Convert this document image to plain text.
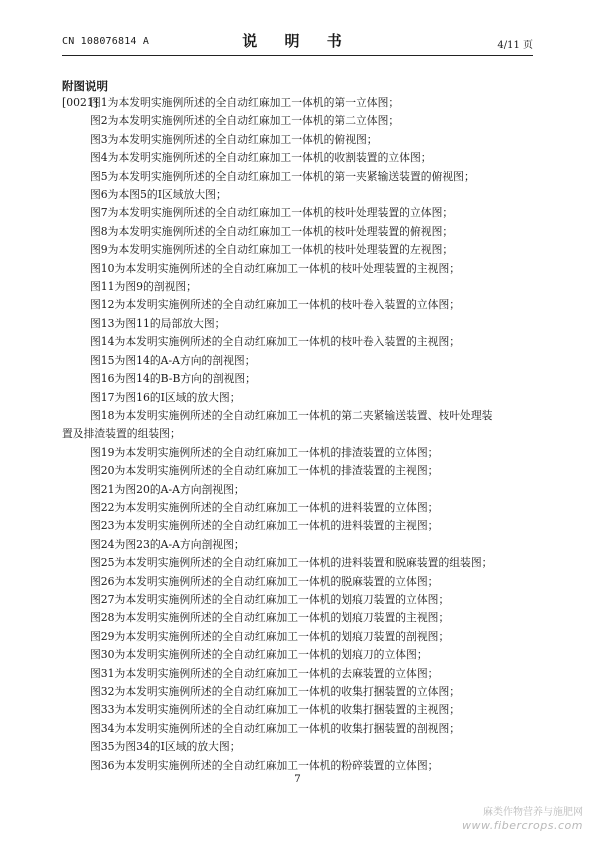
CN 108076814 A	说 明 书	4/11 页
附图说明
[0021]图1为本发明实施例所述的全自动红麻加工一体机的第一立体图；
图2为本发明实施例所述的全自动红麻加工一体机的第二立体图；
图3为本发明实施例所述的全自动红麻加工一体机的俯视图；
图4为本发明实施例所述的全自动红麻加工一体机的收割装置的立体图；
图5为本发明实施例所述的全自动红麻加工一体机的第一夹紧输送装置的俯视图；
图6为本图5的I区域放大图；
图7为本发明实施例所述的全自动红麻加工一体机的枝叶处理装置的立体图；
图8为本发明实施例所述的全自动红麻加工一体机的枝叶处理装置的俯视图；
图9为本发明实施例所述的全自动红麻加工一体机的枝叶处理装置的左视图；
图10为本发明实施例所述的全自动红麻加工一体机的枝叶处理装置的主视图；
图11为图9的剖视图；
图12为本发明实施例所述的全自动红麻加工一体机的枝叶卷入装置的立体图；
图13为图11的局部放大图；
图14为本发明实施例所述的全自动红麻加工一体机的枝叶卷入装置的主视图；
图15为图14的A-A方向的剖视图；
图16为图14的B-B方向的剖视图；
图17为图16的I区域的放大图；
图18为本发明实施例所述的全自动红麻加工一体机的第二夹紧输送装置、枝叶处理装
置及排渣装置的组装图；
图19为本发明实施例所述的全自动红麻加工一体机的排渣装置的立体图；
图20为本发明实施例所述的全自动红麻加工一体机的排渣装置的主视图；
图21为图20的A-A方向剖视图；
图22为本发明实施例所述的全自动红麻加工一体机的进料装置的立体图；
图23为本发明实施例所述的全自动红麻加工一体机的进料装置的主视图；
图24为图23的A-A方向剖视图；
图25为本发明实施例所述的全自动红麻加工一体机的进料装置和脱麻装置的组装图；
图26为本发明实施例所述的全自动红麻加工一体机的脱麻装置的立体图；
图27为本发明实施例所述的全自动红麻加工一体机的划痕刀装置的立体图；
图28为本发明实施例所述的全自动红麻加工一体机的划痕刀装置的主视图；
图29为本发明实施例所述的全自动红麻加工一体机的划痕刀装置的剖视图；
图30为本发明实施例所述的全自动红麻加工一体机的划痕刀的立体图；
图31为本发明实施例所述的全自动红麻加工一体机的去麻装置的立体图；
图32为本发明实施例所述的全自动红麻加工一体机的收集打捆装置的立体图；
图33为本发明实施例所述的全自动红麻加工一体机的收集打捆装置的主视图；
图34为本发明实施例所述的全自动红麻加工一体机的收集打捆装置的剖视图；
图35为图34的I区域的放大图；
图36为本发明实施例所述的全自动红麻加工一体机的粉碎装置的立体图；
7
麻类作物营养与施肥网
www.fibercrops.com
